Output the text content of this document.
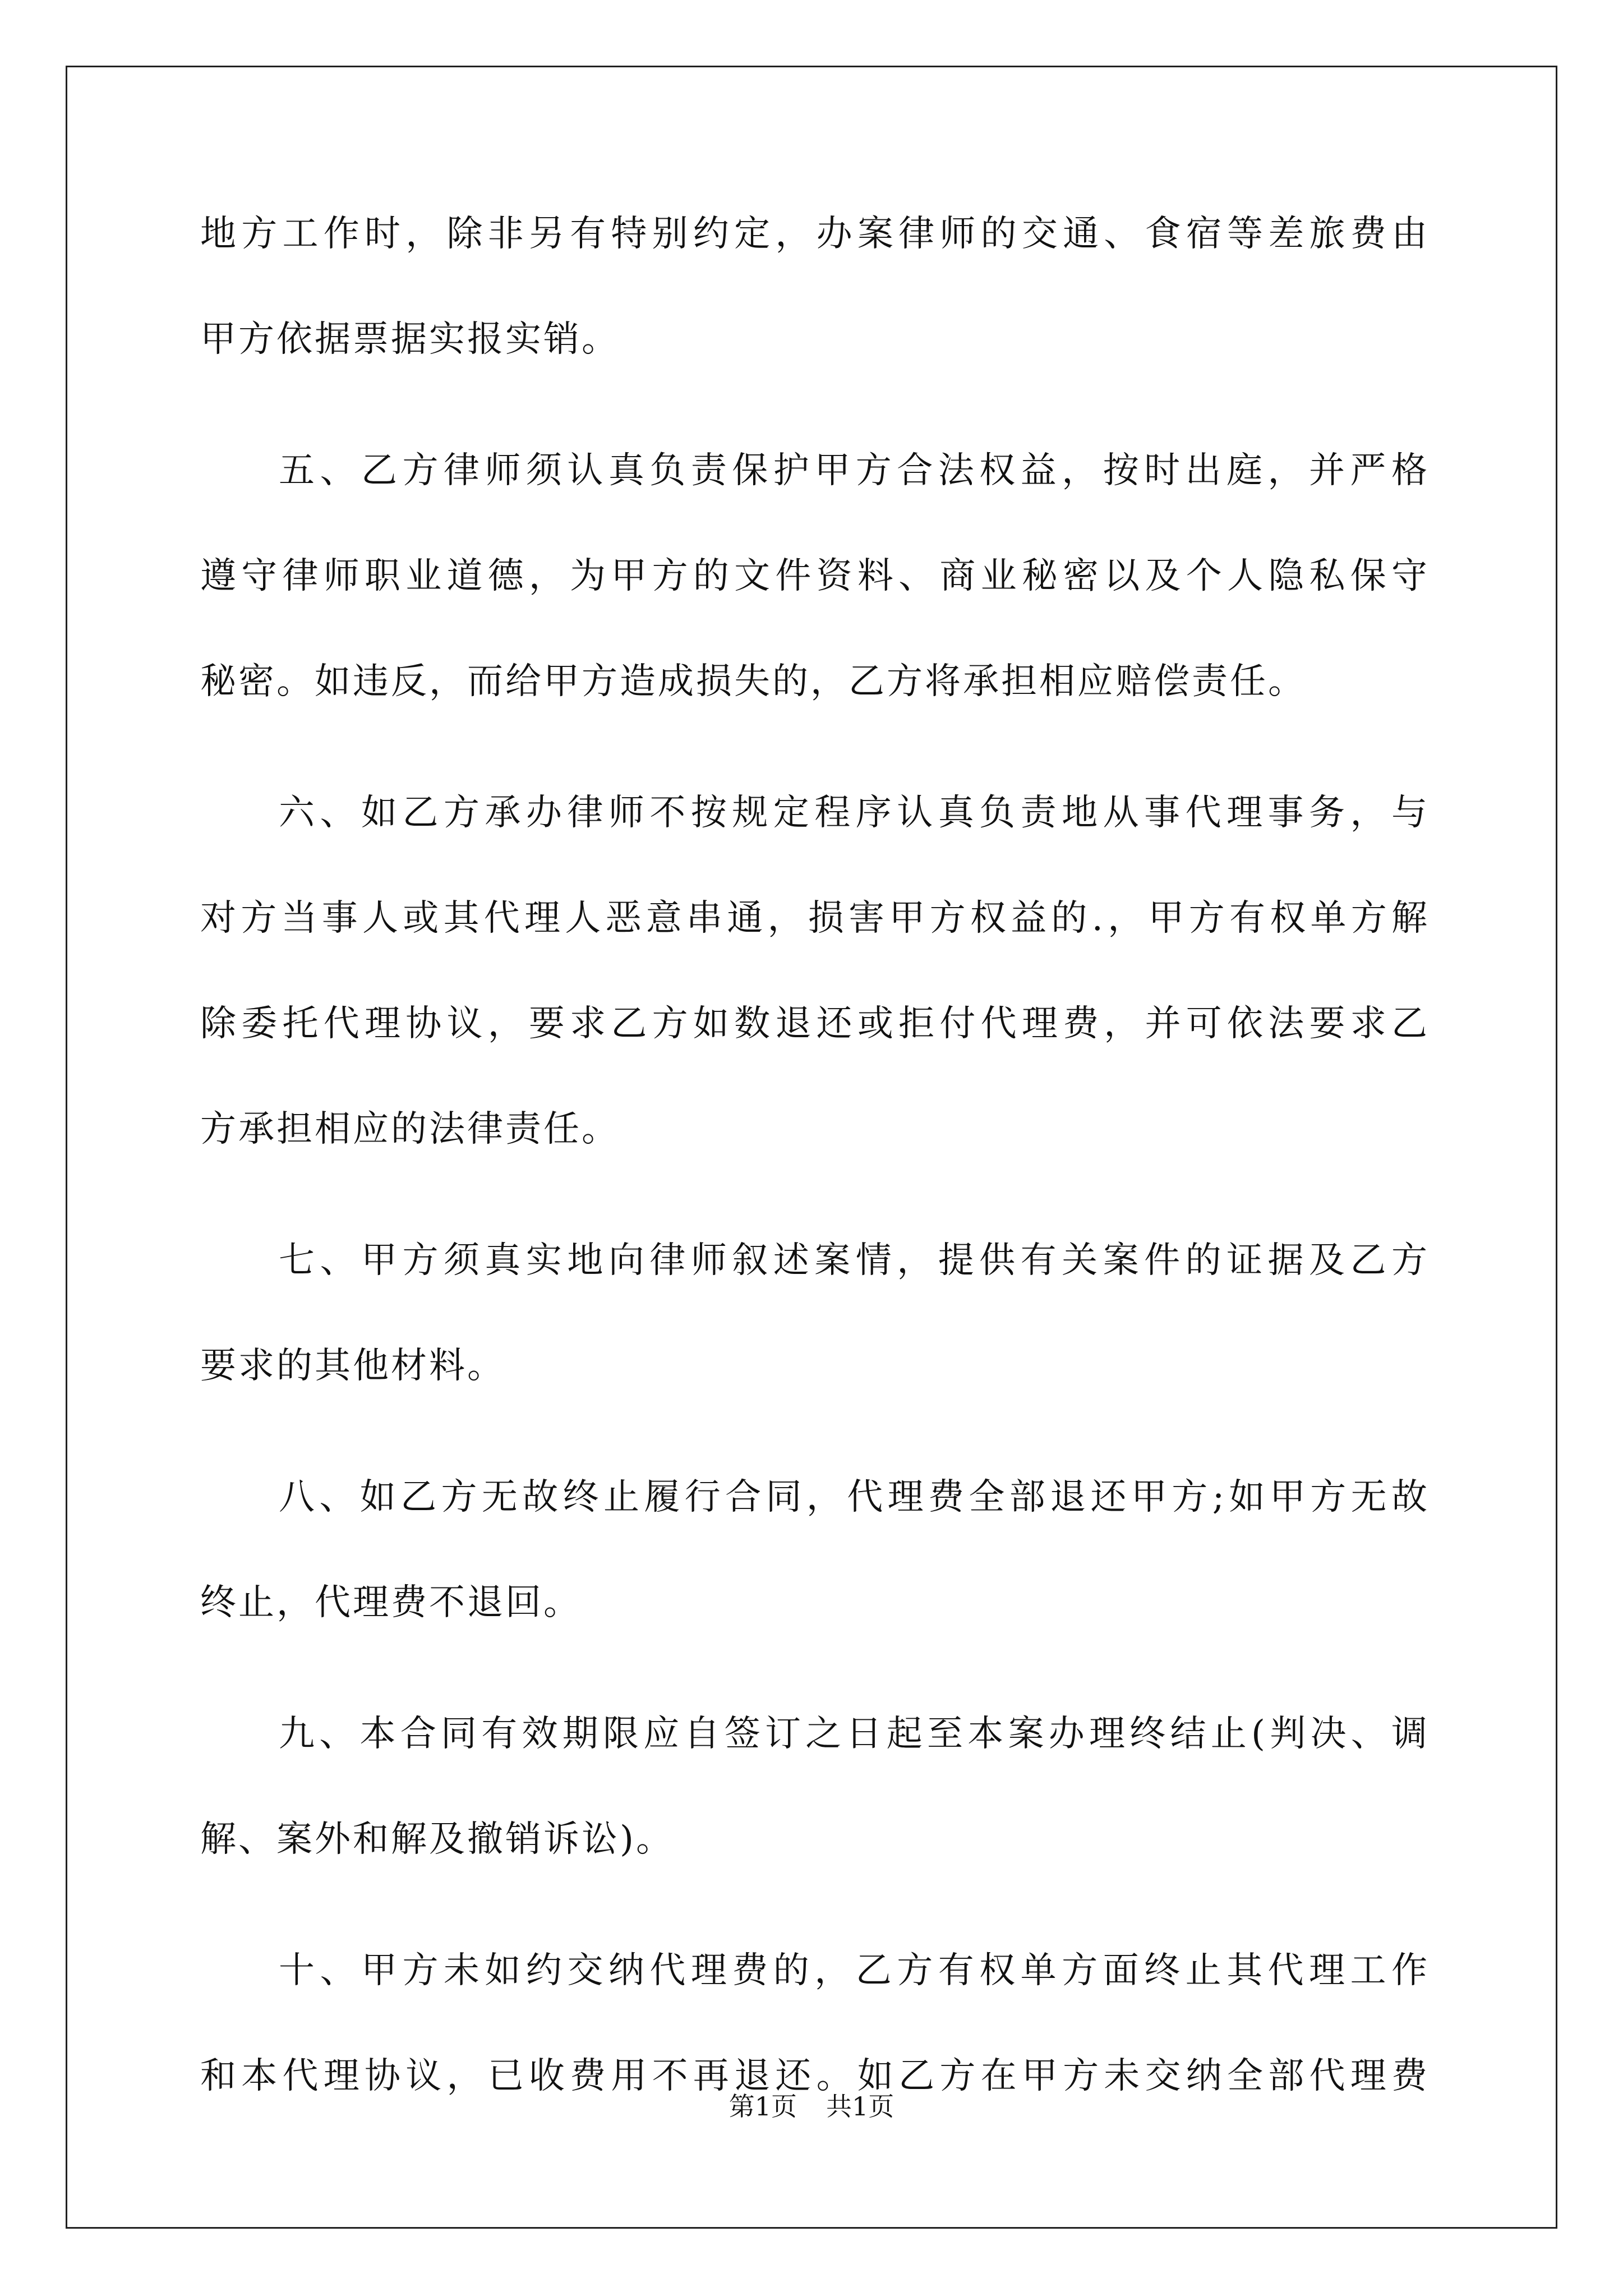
地方工作时，除非另有特别约定，办案律师的交通、食宿等差旅费由
甲方依据票据实报实销。
五、乙方律师须认真负责保护甲方合法权益，按时出庭，并严格
遵守律师职业道德，为甲方的文件资料、商业秘密以及个人隐私保守
秘密。如违反，而给甲方造成损失的，乙方将承担相应赔偿责任。
六、如乙方承办律师不按规定程序认真负责地从事代理事务，与
对方当事人或其代理人恶意串通，损害甲方权益的.，甲方有权单方解
除委托代理协议，要求乙方如数退还或拒付代理费，并可依法要求乙
方承担相应的法律责任。
七、甲方须真实地向律师叙述案情，提供有关案件的证据及乙方
要求的其他材料。
八、如乙方无故终止履行合同，代理费全部退还甲方;如甲方无故
终止，代理费不退回。
九、本合同有效期限应自签订之日起至本案办理终结止(判决、调
解、案外和解及撤销诉讼)。
十、甲方未如约交纳代理费的，乙方有权单方面终止其代理工作
和本代理协议，已收费用不再退还。如乙方在甲方未交纳全部代理费
第1页 共1页
